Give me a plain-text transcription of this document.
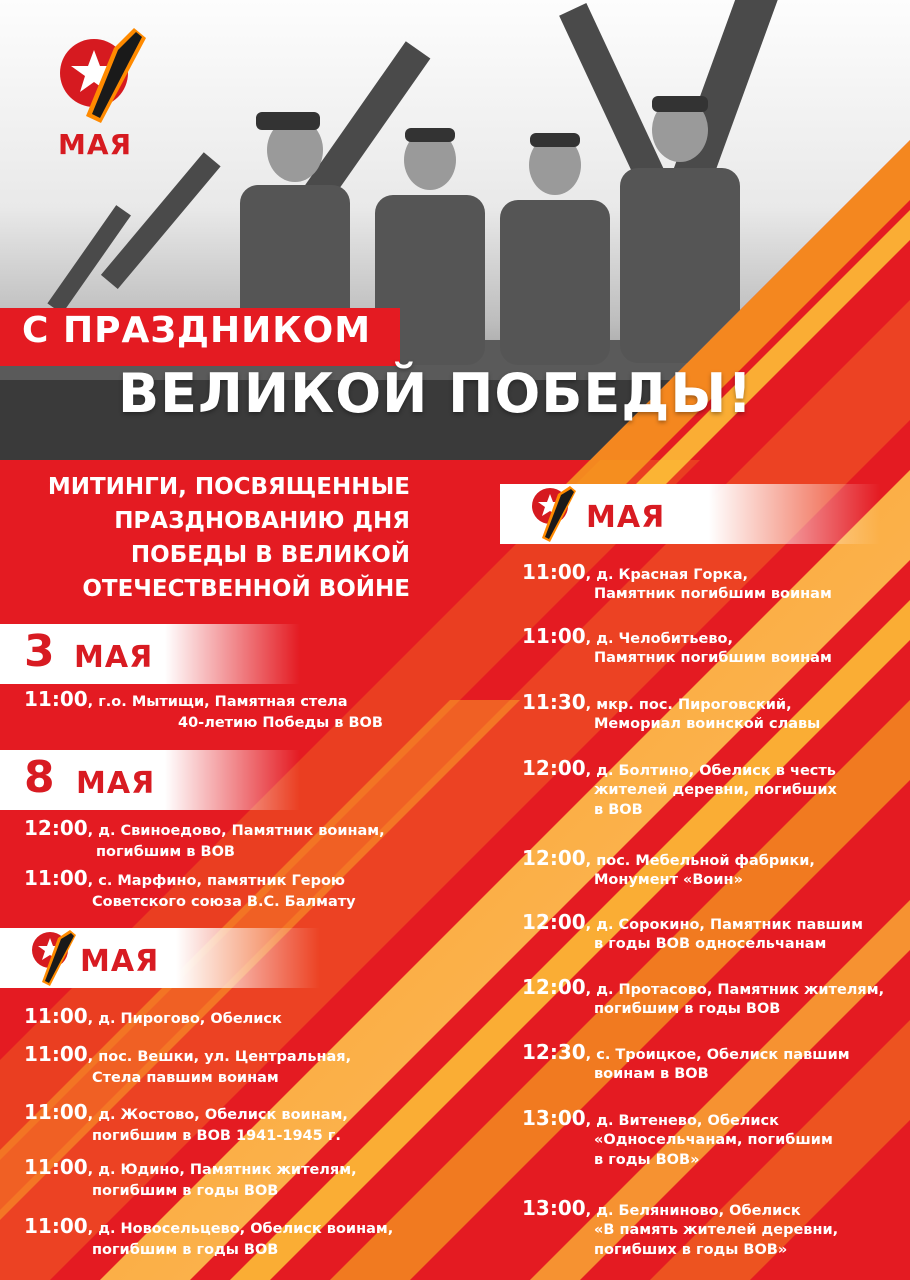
МАЯ
С ПРАЗДНИКОМ
ВЕЛИКОЙ ПОБЕДЫ!
МИТИНГИ, ПОСВЯЩЕННЫЕ
ПРАЗДНОВАНИЮ ДНЯ
ПОБЕДЫ В ВЕЛИКОЙ
ОТЕЧЕСТВЕННОЙ ВОЙНЕ
3 МАЯ
11:00, г.о. Мытищи, Памятная стела
40-летию Победы в ВОВ
8 МАЯ
12:00, д. Свиноедово, Памятник воинам,
погибшим в ВОВ
11:00, с. Марфино, памятник Герою
Советского союза В.С. Балмату
МАЯ
11:00, д. Пирогово, Обелиск
11:00, пос. Вешки, ул. Центральная,
Стела павшим воинам
11:00, д. Жостово, Обелиск воинам,
погибшим в ВОВ 1941-1945 г.
11:00, д. Юдино, Памятник жителям,
погибшим в годы ВОВ
11:00, д. Новосельцево, Обелиск воинам,
погибшим в годы ВОВ
МАЯ
11:00, д. Красная Горка,
Памятник погибшим воинам
11:00, д. Челобитьево,
Памятник погибшим воинам
11:30, мкр. пос. Пироговский,
Мемориал воинской славы
12:00, д. Болтино, Обелиск в честь
жителей деревни, погибших
в ВОВ
12:00, пос. Мебельной фабрики,
Монумент «Воин»
12:00, д. Сорокино, Памятник павшим
в годы ВОВ односельчанам
12:00, д. Протасово, Памятник жителям,
погибшим в годы ВОВ
12:30, с. Троицкое, Обелиск павшим
воинам в ВОВ
13:00, д. Витенево, Обелиск
«Односельчанам, погибшим
в годы ВОВ»
13:00, д. Белянинoво, Обелиск
«В память жителей деревни,
погибших в годы ВОВ»
